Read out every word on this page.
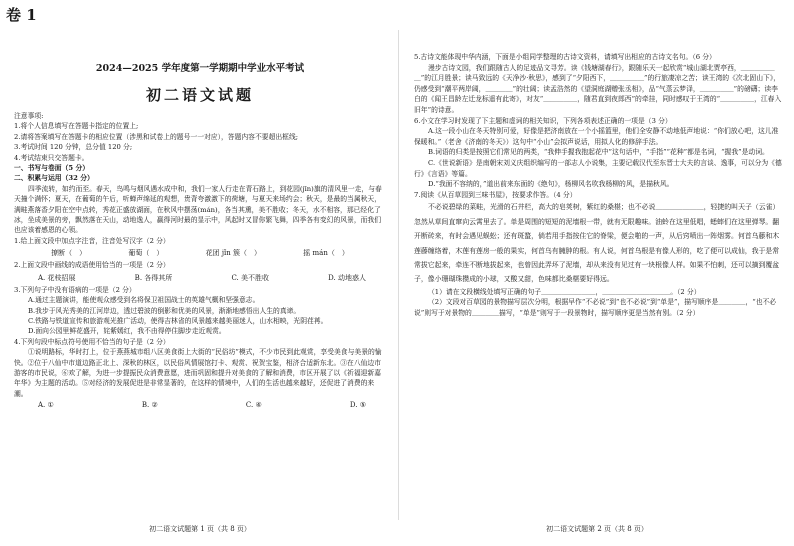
卷 1
2024—2025 学年度第一学期期中学业水平考试
初二语文试题
注意事项:
1.将个人信息填写在答题卡指定的位置上;
2.请将答案填写在答题卡的相应位置（涉黑和试卷上的题号一一对应），答题内容不要超出框线;
3.考试时间 120 分钟，总分值 120 分;
4.考试结束只交答题卡。
一、书写与卷面（5 分）
二、积累与运用（32 分）
四季流转，如约而至。春天，鸟鸣与烟风遇水成中和，我们一家人行走在青石路上，到花园(jīn)旗的清风里一走，与春天撞个满怀；夏天，在葡萄的午后，听蝉声绵延的观想，贵背夸激激下的荷塘，与夏天来场约会；秋天，是最的当属秋天，满畦燕落香夕阳在空中点转，秀花正盛放湖面，在秋风中摆荡(mán)，各当其熏，美不胜收；冬天，水不相容，那已经化了冰，坐成美景的旁，飘然落在天山，动地逸人，赢得河时最的显示中，风起时又冒你繁飞舞，四季各有变幻的风景，而我们也应该着感恩的心领。
1.给上面文段中加点字注音，注音处写汉字（2 分）
撩断（　）	葡萄（　）	花团 jǐn 簇（　）	摇 mán（　）
2.上面文段中画线的成语使用恰当的一项是（2 分）
A. 花枝招展	B. 各得其所	C. 美不胜收	D. 动地惑人
3.下列句子中没有语病的一项是（2 分）
A.通过主题演讲，能使观众感受到名将保卫祖国战士的英雄气概和坚强意志。
B.我步于风光秀美的江河岸边，透过碧波的倒影和优美的风景，渐渐地感悟出人生的真谛。
C.铁路与铁道宣传和旅游观光推广活动，使得吉林省的风景越来越美丽迷人，山水相映，光阴荏苒。
D.面向公园里鲜花盛开，姹紫嫣红，我不由得停住脚步走近观赏。
4.下列句段中标点符号使用不恰当的句子是（2 分）
①说明路标，华时打上，位于燕燕城市组八区美食街上大街的“民俗坊”模式，不少市民到此观赏，享受美食与美景的愉快。②位于八仙中市道边路正北上、深秋的林区，以民俗风情展馆打卡、观赏、祝贺宝鉴，相济合适新东北。③在八仙边市游客的市民说，⑥欢了解，为进一步提振民众消费意愿，进而巩固和提升对美食的了解和消费，市区开展了以《祈福迎新嘉年华》为主题的活动。⑤对经济的发展促进是非常显著的，在这样的情境中，人们的生活也越来越好，还促进了消费的来潮。
A. ①	B. ②	C. ④	D. ⑤
初二语文试题第 1 页（共 8 页）
5.古诗文能体现中华内涵，下面是小组同学整理的古诗文资料，请填写出相应的古诗文名句。（6 分）
漫步古诗文园，我们跟随古人的足迹品文寻芳。读《钱塘湖春行》，跟随乐天一起欣赏“城山湖北贾亭西，＿＿＿＿＿＿”的江月胜景；读马致远的《天净沙·秋思》，感到了“夕阳西下，＿＿＿＿＿”的行旅凄凉之苦；读王湾的《次北固山下》，仍感受到“潮平两岸阔，＿＿＿＿”的壮阔；读孟浩然的《望洞庭湖赠张丞相》，品“气蒸云梦泽，＿＿＿＿＿”的磅礴；读李白的《闻王昌龄左迁龙标遥有此寄》，对友“＿＿＿＿＿，随君直到夜郎西”的牵挂，同时感叹于王湾的“＿＿＿＿＿，江春入旧年”的诗意。
6.小文在学习时发现了下主题和虚词的相关知识，下列各项表述正确的一项是（3 分）
A.这一段小山在冬天特别可爱，好像是把济南放在一个小摇篮里，他们全安静不动地低声地说：“你们放心吧，这儿准保暖和。”（老舍《济南的冬天》）这句中“小山”会拟声说话，用拟人化的修辞手法。
B.词语的归类是按照它们常见的两类，“我伸手握我抱起花中”这句话中，“手指”“花种”都是名词，“握我”是动词。
C.《世说新语》是南朝宋刘义庆组织编写的一部志人小说集，主要记载汉代至东晋士大夫的言谈、逸事，可以分为《德行》《言语》等篇。
D.“我面不容纳的，”道出前来东面的《绝句》，杨柳风名吹我杨柳的风，是描秋风。
7.阅读《从百草园到三味书屋》，按要求作答。（4 分）
不必说碧绿的菜畦，光滑的石井栏，高大的皂荚树，紫红的桑椹；也不必说＿＿＿＿＿＿＿，轻捷的叫天子（云雀）忽然从草间直窜向云霄里去了。单是周围的短短的泥墙根一带，就有无限趣味。油蛉在这里低唱，蟋蟀们在这里弹琴。翻开断砖来，有时会遇见蜈蚣；还有斑蝥，倘若用手指按住它的脊梁，便会啪的一声，从后窍喷出一阵烟雾。何首乌藤和木莲藤缠络着，木莲有莲房一般的果实，何首乌有臃肿的根。有人说，何首乌根是有像人形的，吃了便可以成仙，我于是常常拔它起来，牵连不断地拔起来，也曾因此弄坏了泥墙，却从来没有见过有一块根像人样。如果不怕刺，还可以摘到覆盆子，像小珊瑚珠攒成的小球，又酸又甜，色味都比桑椹要好得远。
（1）请在文段横线处填写正确的句子＿＿＿＿＿＿＿＿，＿＿＿＿＿＿＿＿＿＿。（2 分）
（2）文段对百草园的景物描写层次分明，根据早作“不必说”到“也不必说”到“单是”，描写顺序是＿＿＿＿，“也不必说”则写于对景物的＿＿＿＿描写，“单是”则写于一段景物时，描写顺序更是当然有别。（2 分）
初二语文试题第 2 页（共 8 页）
